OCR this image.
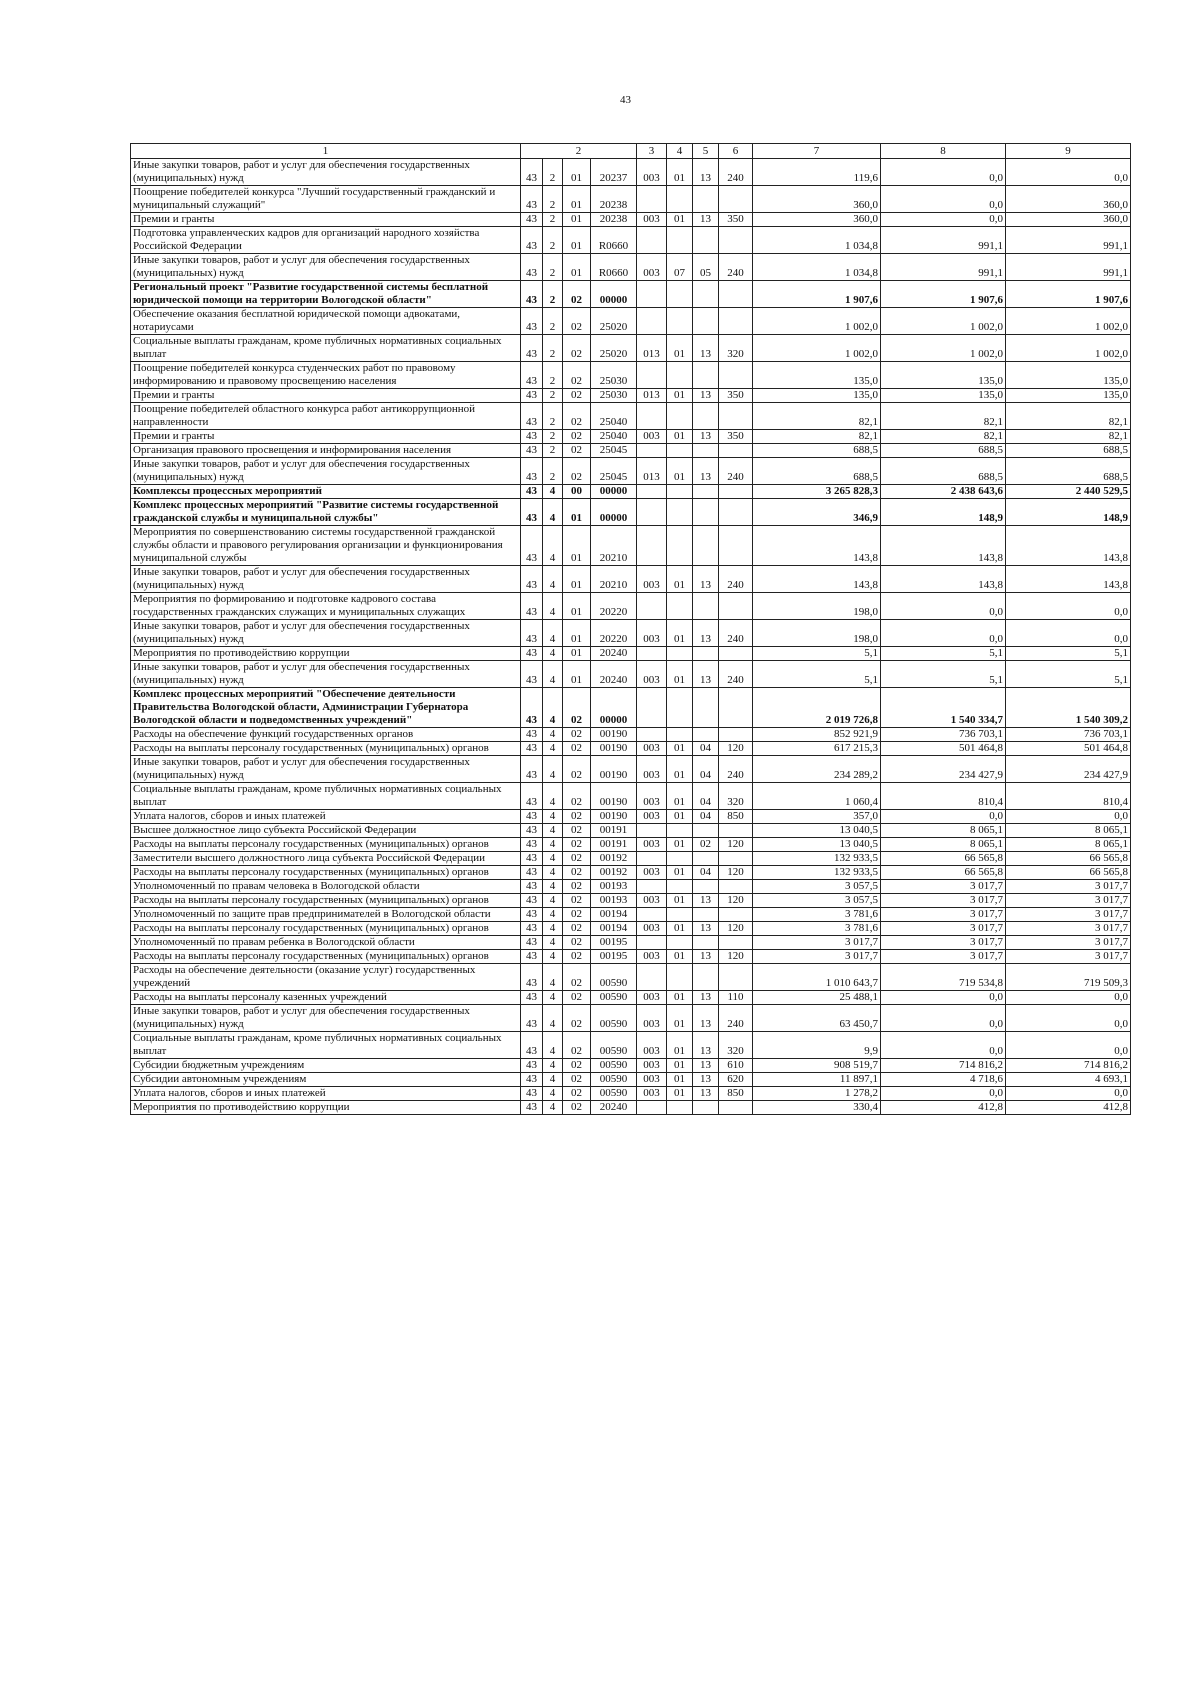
43
1	2				3	4	5	6	7	8	9
Иные закупки товаров, работ и услуг для обеспечения государственных (муниципальных) нужд	43	2	01	20237	003	01	13	240	119,6	0,0	0,0
Поощрение победителей конкурса "Лучший государственный гражданский и муниципальный служащий"	43	2	01	20238					360,0	0,0	360,0
Премии и гранты	43	2	01	20238	003	01	13	350	360,0	0,0	360,0
Подготовка управленческих кадров для организаций народного хозяйства Российской Федерации	43	2	01	R0660					1 034,8	991,1	991,1
Иные закупки товаров, работ и услуг для обеспечения государственных (муниципальных) нужд	43	2	01	R0660	003	07	05	240	1 034,8	991,1	991,1
Региональный проект "Развитие государственной системы бесплатной юридической помощи на территории Вологодской области"	43	2	02	00000					1 907,6	1 907,6	1 907,6
Обеспечение оказания бесплатной юридической помощи адвокатами, нотариусами	43	2	02	25020					1 002,0	1 002,0	1 002,0
Социальные выплаты гражданам, кроме публичных нормативных социальных выплат	43	2	02	25020	013	01	13	320	1 002,0	1 002,0	1 002,0
Поощрение победителей конкурса студенческих работ по правовому информированию и правовому просвещению населения	43	2	02	25030					135,0	135,0	135,0
Премии и гранты	43	2	02	25030	013	01	13	350	135,0	135,0	135,0
Поощрение победителей областного конкурса работ антикоррупционной направленности	43	2	02	25040					82,1	82,1	82,1
Премии и гранты	43	2	02	25040	003	01	13	350	82,1	82,1	82,1
Организация правового просвещения и информирования населения	43	2	02	25045					688,5	688,5	688,5
Иные закупки товаров, работ и услуг для обеспечения государственных (муниципальных) нужд	43	2	02	25045	013	01	13	240	688,5	688,5	688,5
Комплексы процессных мероприятий	43	4	00	00000					3 265 828,3	2 438 643,6	2 440 529,5
Комплекс процессных мероприятий "Развитие системы государственной гражданской службы и муниципальной службы"	43	4	01	00000					346,9	148,9	148,9
Мероприятия по совершенствованию системы государственной гражданской службы области и правового регулирования организации и функционирования муниципальной службы	43	4	01	20210					143,8	143,8	143,8
Иные закупки товаров, работ и услуг для обеспечения государственных (муниципальных) нужд	43	4	01	20210	003	01	13	240	143,8	143,8	143,8
Мероприятия по формированию и подготовке кадрового состава государственных гражданских служащих и муниципальных служащих	43	4	01	20220					198,0	0,0	0,0
Иные закупки товаров, работ и услуг для обеспечения государственных (муниципальных) нужд	43	4	01	20220	003	01	13	240	198,0	0,0	0,0
Мероприятия по противодействию коррупции	43	4	01	20240					5,1	5,1	5,1
Иные закупки товаров, работ и услуг для обеспечения государственных (муниципальных) нужд	43	4	01	20240	003	01	13	240	5,1	5,1	5,1
Комплекс процессных мероприятий "Обеспечение деятельности Правительства Вологодской области, Администрации Губернатора Вологодской области и подведомственных учреждений"	43	4	02	00000					2 019 726,8	1 540 334,7	1 540 309,2
Расходы на обеспечение функций государственных органов	43	4	02	00190					852 921,9	736 703,1	736 703,1
Расходы на выплаты персоналу государственных (муниципальных) органов	43	4	02	00190	003	01	04	120	617 215,3	501 464,8	501 464,8
Иные закупки товаров, работ и услуг для обеспечения государственных (муниципальных) нужд	43	4	02	00190	003	01	04	240	234 289,2	234 427,9	234 427,9
Социальные выплаты гражданам, кроме публичных нормативных социальных выплат	43	4	02	00190	003	01	04	320	1 060,4	810,4	810,4
Уплата налогов, сборов и иных платежей	43	4	02	00190	003	01	04	850	357,0	0,0	0,0
Высшее должностное лицо субъекта Российской Федерации	43	4	02	00191					13 040,5	8 065,1	8 065,1
Расходы на выплаты персоналу государственных (муниципальных) органов	43	4	02	00191	003	01	02	120	13 040,5	8 065,1	8 065,1
Заместители высшего должностного лица субъекта Российской Федерации	43	4	02	00192					132 933,5	66 565,8	66 565,8
Расходы на выплаты персоналу государственных (муниципальных) органов	43	4	02	00192	003	01	04	120	132 933,5	66 565,8	66 565,8
Уполномоченный по правам человека в Вологодской области	43	4	02	00193					3 057,5	3 017,7	3 017,7
Расходы на выплаты персоналу государственных (муниципальных) органов	43	4	02	00193	003	01	13	120	3 057,5	3 017,7	3 017,7
Уполномоченный по защите прав предпринимателей в Вологодской области	43	4	02	00194					3 781,6	3 017,7	3 017,7
Расходы на выплаты персоналу государственных (муниципальных) органов	43	4	02	00194	003	01	13	120	3 781,6	3 017,7	3 017,7
Уполномоченный по правам ребенка в Вологодской области	43	4	02	00195					3 017,7	3 017,7	3 017,7
Расходы на выплаты персоналу государственных (муниципальных) органов	43	4	02	00195	003	01	13	120	3 017,7	3 017,7	3 017,7
Расходы на обеспечение деятельности (оказание услуг) государственных учреждений	43	4	02	00590					1 010 643,7	719 534,8	719 509,3
Расходы на выплаты персоналу казенных учреждений	43	4	02	00590	003	01	13	110	25 488,1	0,0	0,0
Иные закупки товаров, работ и услуг для обеспечения государственных (муниципальных) нужд	43	4	02	00590	003	01	13	240	63 450,7	0,0	0,0
Социальные выплаты гражданам, кроме публичных нормативных социальных выплат	43	4	02	00590	003	01	13	320	9,9	0,0	0,0
Субсидии бюджетным учреждениям	43	4	02	00590	003	01	13	610	908 519,7	714 816,2	714 816,2
Субсидии автономным учреждениям	43	4	02	00590	003	01	13	620	11 897,1	4 718,6	4 693,1
Уплата налогов, сборов и иных платежей	43	4	02	00590	003	01	13	850	1 278,2	0,0	0,0
Мероприятия по противодействию коррупции	43	4	02	20240					330,4	412,8	412,8
